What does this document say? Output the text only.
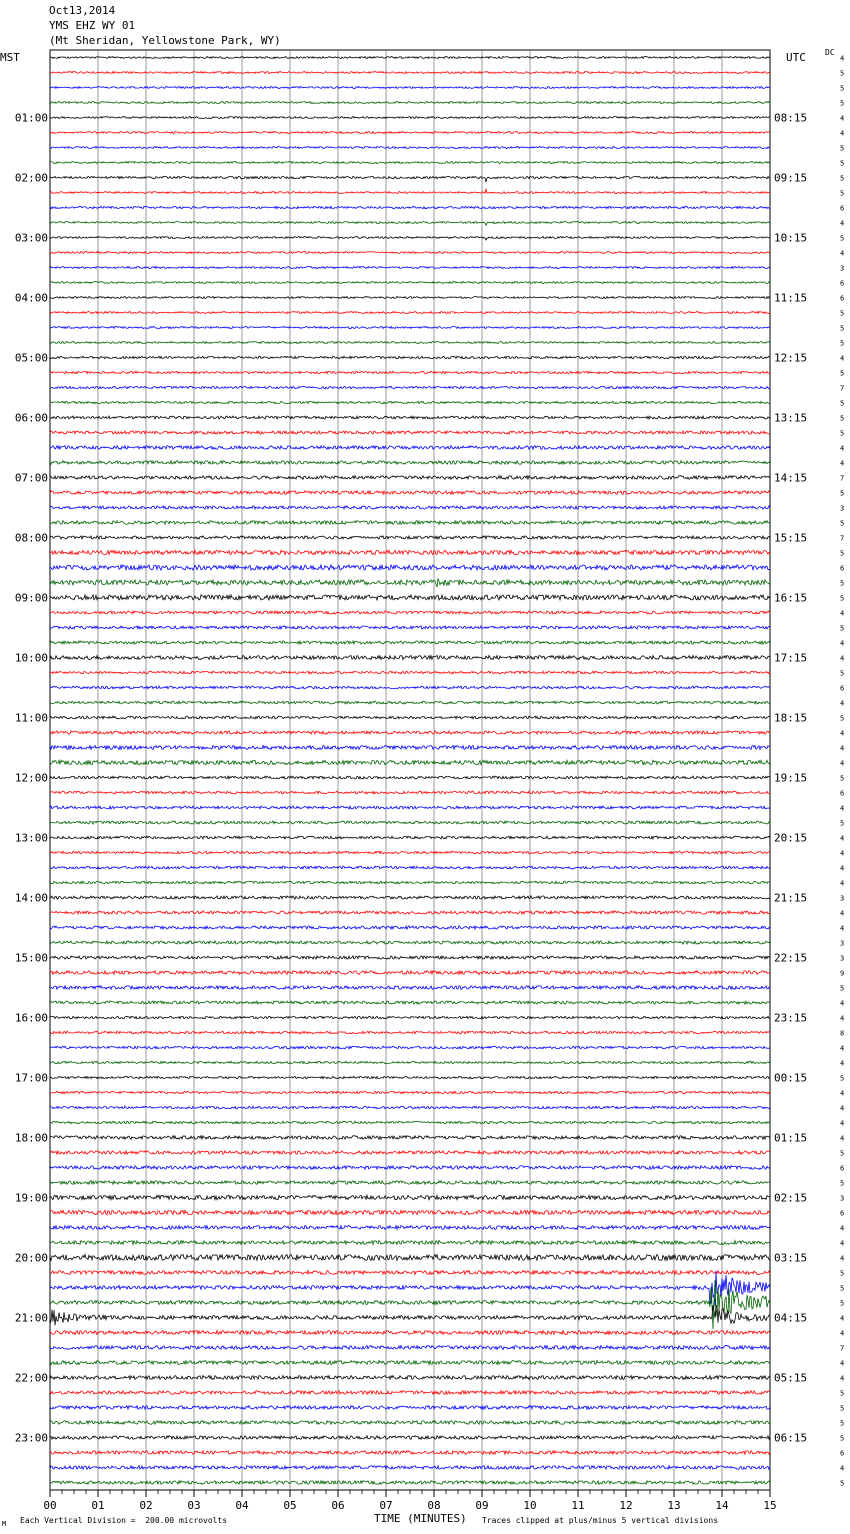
Oct13,2014
YMS EHZ WY 01
(Mt Sheridan, Yellowstone Park, WY)
MST	UTC DC
4
5
5
5
4
4
5
5
5
5
6
4
5
4
3
6
6
5
5
5
4
5
7
5
5
5
4
4
7
5
3
5
7
5
6
5
5
4
5
4
4
5
6
4
5
4
4
4
5
6
4
5
4
4
4
4
3
4
4
3
3
9
5
4
4
8
4
4
5
4
4
4
4
5
6
5
3
6
4
4
4
5
5
5
4
4
7
4
4
5
5
5
5
6
4
5
01:00	08:15
02:00	09:15
03:00	10:15
04:00	11:15
05:00	12:15
06:00	13:15
07:00	14:15
08:00	15:15
09:00	16:15
10:00	17:15
11:00	18:15
12:00	19:15
13:00	20:15
14:00	21:15
15:00	22:15
16:00	23:15
17:00	00:15
18:00	01:15
19:00	02:15
20:00	03:15
21:00	04:15
22:00	05:15
23:00	06:15
00	01	02	03	04	05	06	07	08	09	10	11	12	13	14	15
M Each Vertical Division =  200.00 microvolts	TIME (MINUTES) Traces clipped at plus/minus 5 vertical divisions
